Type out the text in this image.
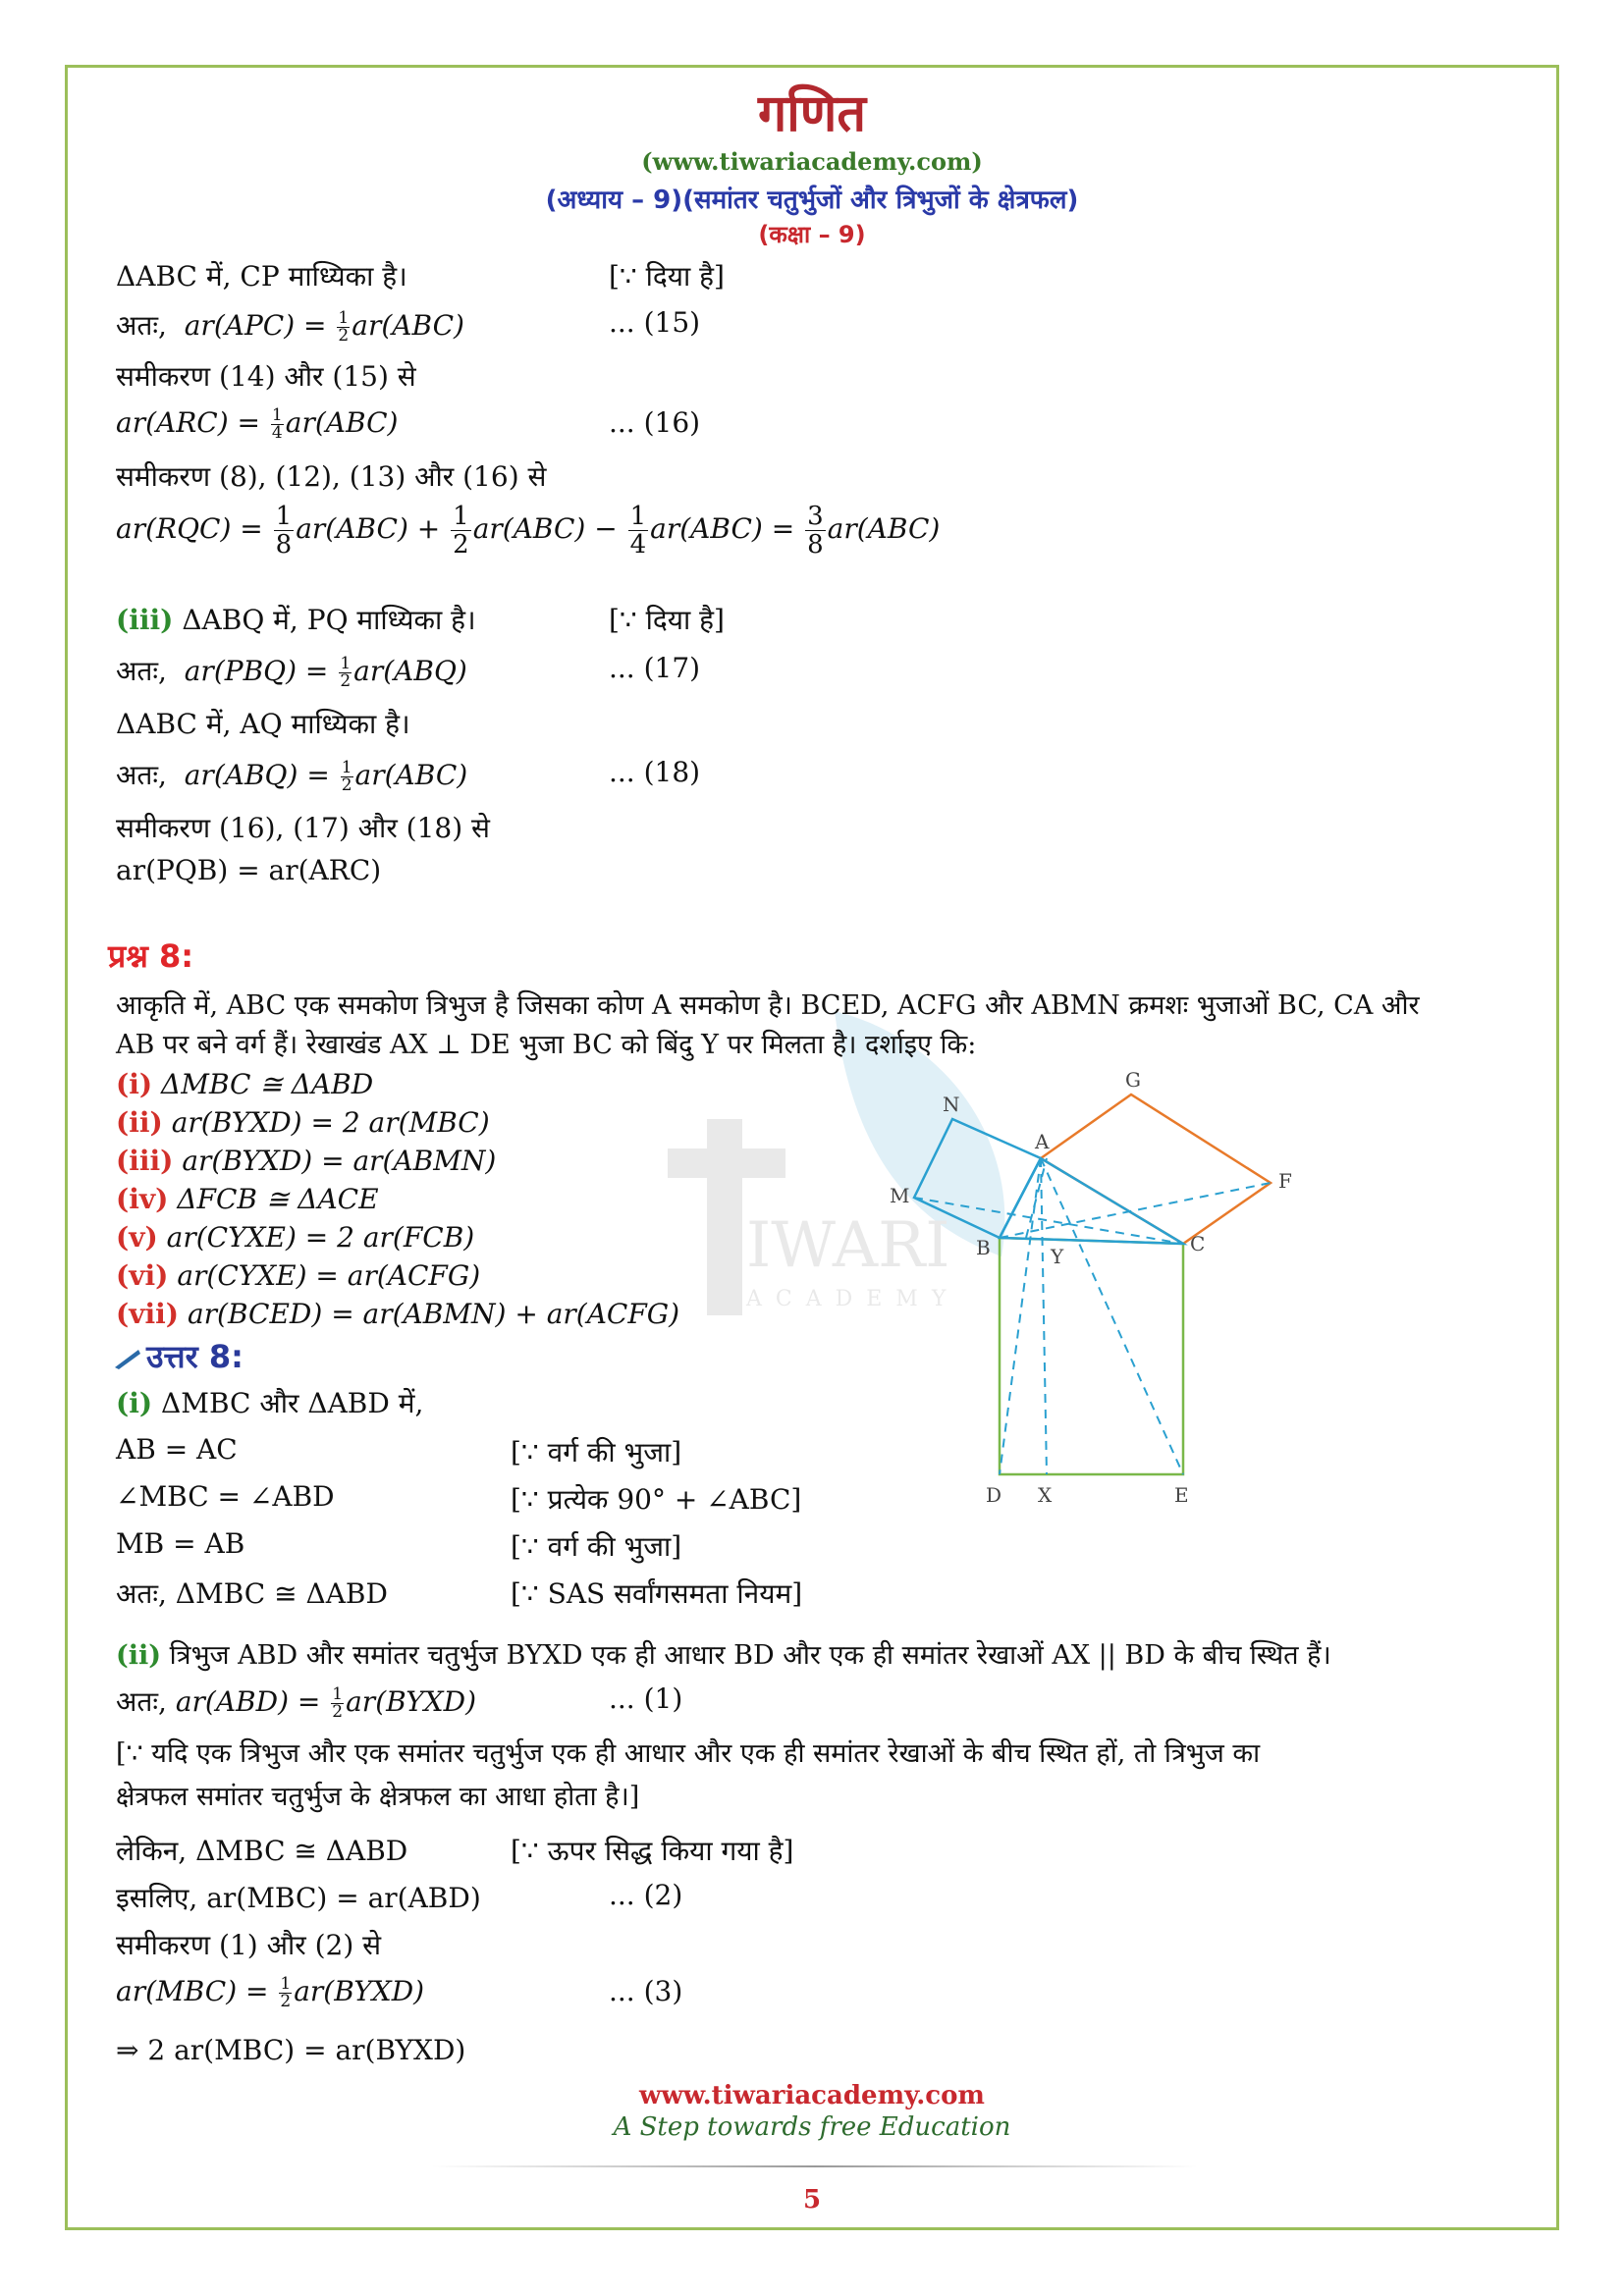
IWARI
ACADEMY
गणित
(www.tiwariacademy.com)
(अध्याय – 9)(समांतर चतुर्भुजों और त्रिभुजों के क्षेत्रफल)
(कक्षा – 9)
ΔABC में, CP माध्यिका है।	[∵ दिया है]
अतः, $ar(APC) = \frac{1}{2} ar(ABC)$	... (15)
समीकरण (14) और (15) से
$ar(ARC) = \frac{1}{4} ar(ABC)$	... (16)
समीकरण (8), (12), (13) और (16) से
$ar(RQC) = \frac{1}{8} ar(ABC) + \frac{1}{2} ar(ABC) - \frac{1}{4} ar(ABC) = \frac{3}{8} ar(ABC)$
(iii) ΔABQ में, PQ माध्यिका है।	[∵ दिया है]
अतः, $ar(PBQ) = \frac{1}{2} ar(ABQ)$	... (17)
ΔABC में, AQ माध्यिका है।
अतः, $ar(ABQ) = \frac{1}{2} ar(ABC)$	... (18)
समीकरण (16), (17) और (18) से
ar(PQB) = ar(ARC)
प्रश्न 8:
आकृति में, ABC एक समकोण त्रिभुज है जिसका कोण A समकोण है। BCED, ACFG और ABMN क्रमशः भुजाओं BC, CA और
AB पर बने वर्ग हैं। रेखाखंड AX ⊥ DE भुजा BC को बिंदु Y पर मिलता है। दर्शाइए कि:
(i) ΔMBC ≅ ΔABD
(ii) ar(BYXD) = 2 ar(MBC)
(iii) ar(BYXD) = ar(ABMN)
(iv) ΔFCB ≅ ΔACE
(v) ar(CYXE) = 2 ar(FCB)
(vi) ar(CYXE) = ar(ACFG)
(vii) ar(BCED) = ar(ABMN) + ar(ACFG)
G
N
A
F
M
B	Y
C
D X	E
उत्तर 8:
(i) ΔMBC और ΔABD में,
AB = AC	[∵ वर्ग की भुजा]
∠MBC = ∠ABD	[∵ प्रत्येक 90° + ∠ABC]
MB = AB	[∵ वर्ग की भुजा]
अतः, ΔMBC ≅ ΔABD	[∵ SAS सर्वांगसमता नियम]
(ii) त्रिभुज ABD और समांतर चतुर्भुज BYXD एक ही आधार BD और एक ही समांतर रेखाओं AX || BD के बीच स्थित हैं।
अतः, $ar(ABD) = \frac{1}{2}$ ar(BYXD)	... (1)
[∵ यदि एक त्रिभुज और एक समांतर चतुर्भुज एक ही आधार और एक ही समांतर रेखाओं के बीच स्थित हों, तो त्रिभुज का
क्षेत्रफल समांतर चतुर्भुज के क्षेत्रफल का आधा होता है।]
लेकिन, ΔMBC ≅ ΔABD	[∵ ऊपर सिद्ध किया गया है]
इसलिए, ar(MBC) = ar(ABD)	... (2)
समीकरण (1) और (2) से
$ar(MBC) = \frac{1}{2}$ ar(BYXD)	... (3)
⇒ 2 ar(MBC) = ar(BYXD)
www.tiwariacademy.com
A Step towards free Education
5
